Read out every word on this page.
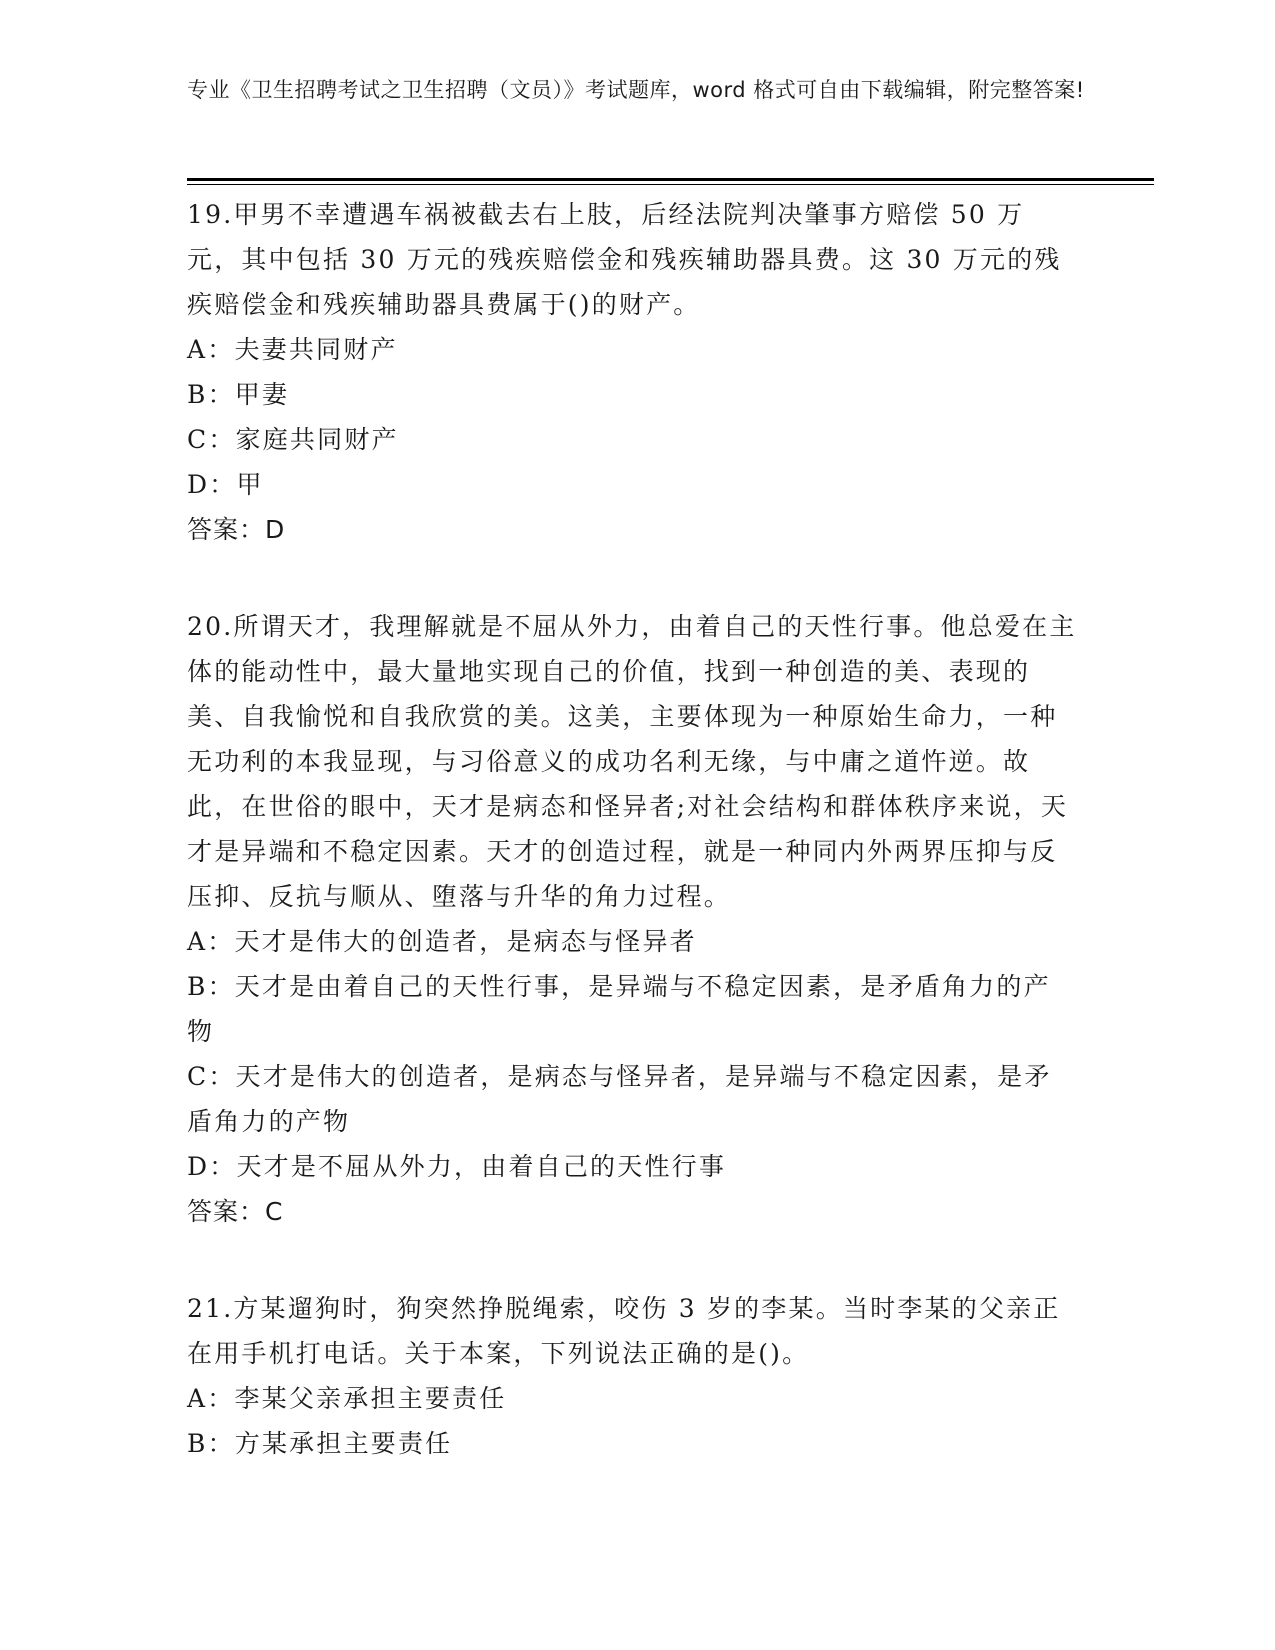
专业《卫生招聘考试之卫生招聘（文员）》考试题库，word 格式可自由下载编辑，附完整答案!

19.甲男不幸遭遇车祸被截去右上肢，后经法院判决肇事方赔偿 50 万元，其中包括 30 万元的残疾赔偿金和残疾辅助器具费。这 30 万元的残疾赔偿金和残疾辅助器具费属于()的财产。

A：夫妻共同财产

B：甲妻

C：家庭共同财产

D：甲

答案：D

20.所谓天才，我理解就是不屈从外力，由着自己的天性行事。他总爱在主体的能动性中，最大量地实现自己的价值，找到一种创造的美、表现的美、自我愉悦和自我欣赏的美。这美，主要体现为一种原始生命力，一种无功利的本我显现，与习俗意义的成功名利无缘，与中庸之道忤逆。故此，在世俗的眼中，天才是病态和怪异者;对社会结构和群体秩序来说，天才是异端和不稳定因素。天才的创造过程，就是一种同内外两界压抑与反压抑、反抗与顺从、堕落与升华的角力过程。

A：天才是伟大的创造者，是病态与怪异者

B：天才是由着自己的天性行事，是异端与不稳定因素，是矛盾角力的产物

C：天才是伟大的创造者，是病态与怪异者，是异端与不稳定因素，是矛盾角力的产物

D：天才是不屈从外力，由着自己的天性行事

答案：C

21.方某遛狗时，狗突然挣脱绳索，咬伤 3 岁的李某。当时李某的父亲正在用手机打电话。关于本案，下列说法正确的是()。

A：李某父亲承担主要责任

B：方某承担主要责任
